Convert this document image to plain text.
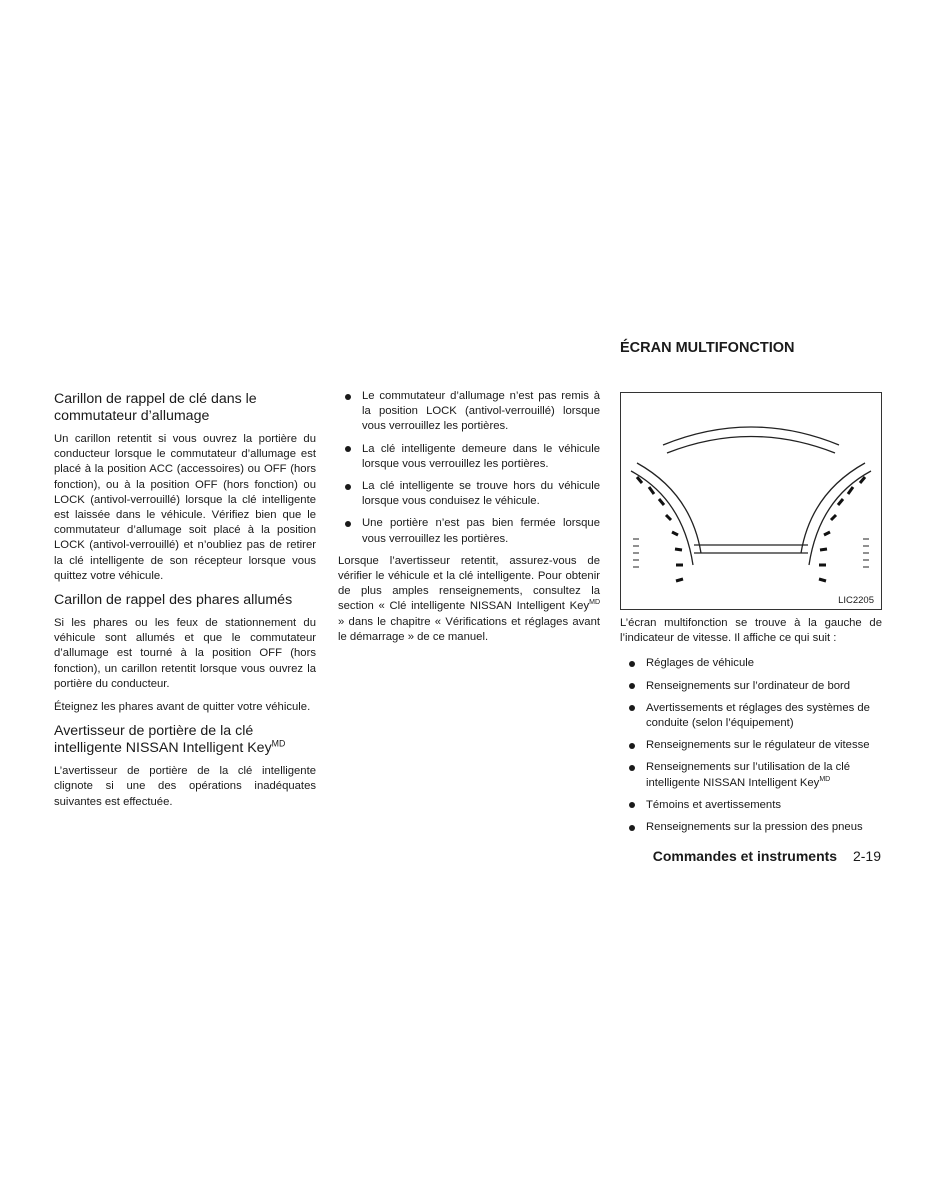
Carillon de rappel de clé dans le commutateur d’allumage

Un carillon retentit si vous ouvrez la portière du conducteur lorsque le commutateur d’allumage est placé à la position ACC (accessoires) ou OFF (hors fonction), ou à la position OFF (hors fonction) ou LOCK (antivol-verrouillé) lorsque la clé intelligente est laissée dans le véhicule. Vérifiez bien que le commutateur d’allumage soit placé à la position LOCK (antivol-verrouillé) et n’oubliez pas de retirer la clé intelligente de son récepteur lorsque vous quittez votre véhicule.

Carillon de rappel des phares allumés

Si les phares ou les feux de stationnement du véhicule sont allumés et que le commutateur d’allumage est tourné à la position OFF (hors fonction), un carillon retentit lorsque vous ouvrez la portière du conducteur.

Éteignez les phares avant de quitter votre véhicule.

Avertisseur de portière de la clé intelligente NISSAN Intelligent Key$^{MD}$

L’avertisseur de portière de la clé intelligente clignote si une des opérations inadéquates suivantes est effectuée.

Le commutateur d’allumage n’est pas remis à la position LOCK (antivol-verrouillé) lorsque vous verrouillez les portières.
La clé intelligente demeure dans le véhicule lorsque vous verrouillez les portières.
La clé intelligente se trouve hors du véhicule lorsque vous conduisez le véhicule.
Une portière n’est pas bien fermée lorsque vous verrouillez les portières.

Lorsque l’avertisseur retentit, assurez-vous de vérifier le véhicule et la clé intelligente. Pour obtenir de plus amples renseignements, consultez la section « Clé intelligente NISSAN Intelligent Key$^{MD}$ » dans le chapitre « Vérifications et réglages avant le démarrage » de ce manuel.

ÉCRAN MULTIFONCTION
LIC2205

L’écran multifonction se trouve à la gauche de l’indicateur de vitesse. Il affiche ce qui suit :

Réglages de véhicule
Renseignements sur l’ordinateur de bord
Avertissements et réglages des systèmes de conduite (selon l’équipement)
Renseignements sur le régulateur de vitesse
Renseignements sur l’utilisation de la clé intelligente NISSAN Intelligent Key$^{MD}$
Témoins et avertissements
Renseignements sur la pression des pneus
Commandes et instruments 2-19
